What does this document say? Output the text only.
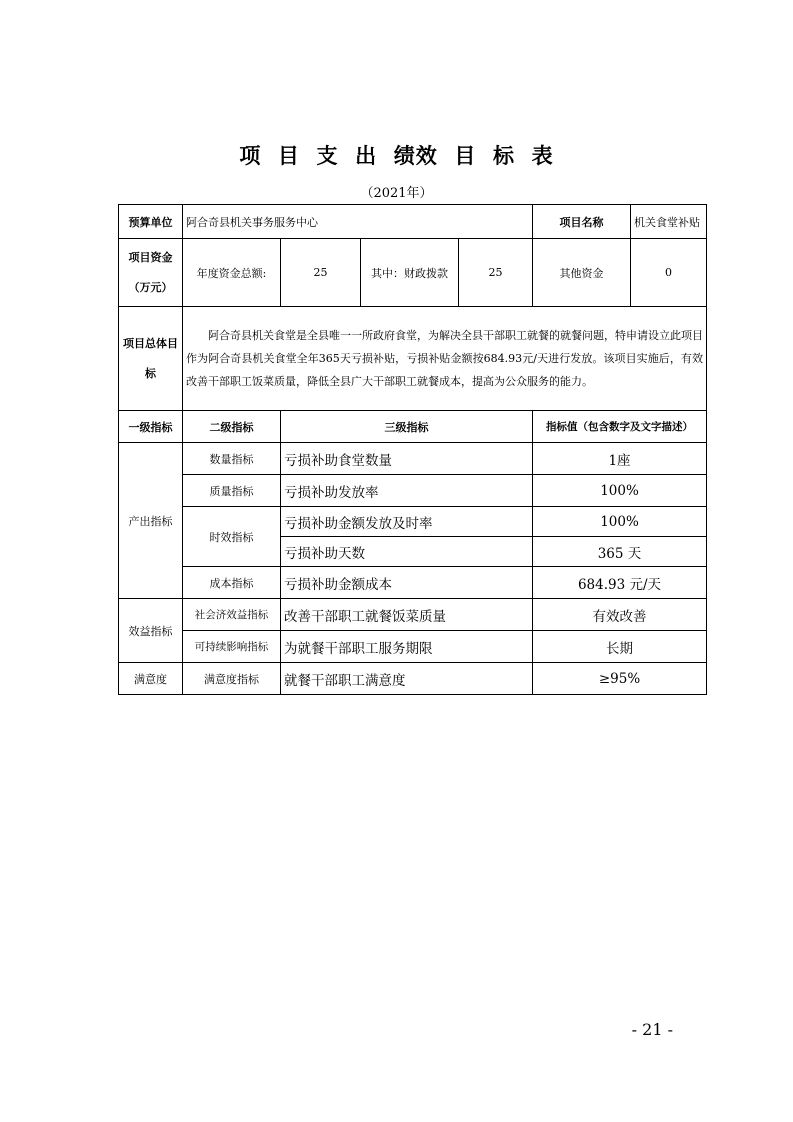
项  目  支  出  绩效  目  标  表
（2021年）
预算单位	阿合奇县机关事务服务中心				项目名称	机关食堂补贴

项目资金
（万元）	年度资金总额:	25	其中：财政拨款	25	其他资金	0

项目总体目
标	阿合奇县机关食堂是全县唯一一所政府食堂，为解决全县干部职工就餐的就餐问题，特申请设立此项目作为阿合奇县机关食堂全年365天亏损补贴，亏损补贴金额按684.93元/天进行发放。该项目实施后，有效改善干部职工饭菜质量，降低全县广大干部职工就餐成本，提高为公众服务的能力。					
一级指标	二级指标	三级指标			指标值（包含数字及文字描述）	
产出指标	数量指标	亏损补助食堂数量			1座	
	质量指标	亏损补助发放率			100%	
	时效指标	亏损补助金额发放及时率			100%	
		亏损补助天数			365 天	
	成本指标	亏损补助金额成本			684.93 元/天	
效益指标	社会济效益指标	改善干部职工就餐饭菜质量			有效改善	
	可持续影响指标	为就餐干部职工服务期限			长期	
满意度	满意度指标	就餐干部职工满意度			≥95%	
- 21 -
